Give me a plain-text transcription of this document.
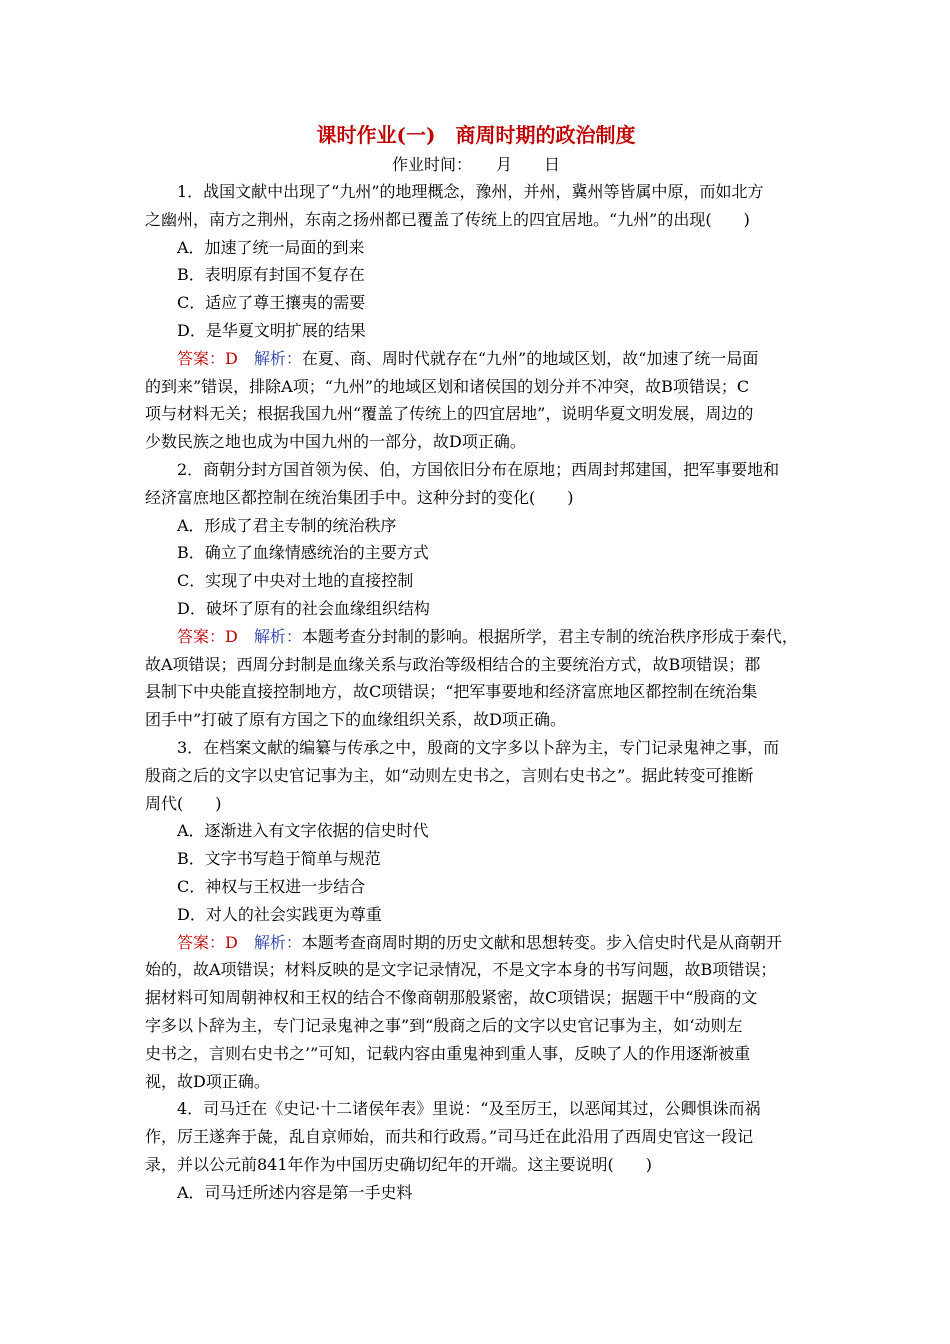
课时作业(一)　商周时期的政治制度
作业时间：　　月　　日
1．战国文献中出现了“九州”的地理概念，豫州，并州，冀州等皆属中原，而如北方
之幽州，南方之荆州，东南之扬州都已覆盖了传统上的四宜居地。“九州”的出现(　　)
A．加速了统一局面的到来
B．表明原有封国不复存在
C．适应了尊王攘夷的需要
D．是华夏文明扩展的结果
答案：D　解析：在夏、商、周时代就存在“九州”的地域区划，故“加速了统一局面
的到来”错误，排除A项；“九州”的地域区划和诸侯国的划分并不冲突，故B项错误；C
项与材料无关；根据我国九州“覆盖了传统上的四宜居地”，说明华夏文明发展，周边的
少数民族之地也成为中国九州的一部分，故D项正确。
2．商朝分封方国首领为侯、伯，方国依旧分布在原地；西周封邦建国，把军事要地和
经济富庶地区都控制在统治集团手中。这种分封的变化(　　)
A．形成了君主专制的统治秩序
B．确立了血缘情感统治的主要方式
C．实现了中央对土地的直接控制
D．破坏了原有的社会血缘组织结构
答案：D　解析：本题考查分封制的影响。根据所学，君主专制的统治秩序形成于秦代，
故A项错误；西周分封制是血缘关系与政治等级相结合的主要统治方式，故B项错误；郡
县制下中央能直接控制地方，故C项错误；“把军事要地和经济富庶地区都控制在统治集
团手中”打破了原有方国之下的血缘组织关系，故D项正确。
3．在档案文献的编纂与传承之中，殷商的文字多以卜辞为主，专门记录鬼神之事，而
殷商之后的文字以史官记事为主，如“动则左史书之，言则右史书之”。据此转变可推断
周代(　　)
A．逐渐进入有文字依据的信史时代
B．文字书写趋于简单与规范
C．神权与王权进一步结合
D．对人的社会实践更为尊重
答案：D　解析：本题考查商周时期的历史文献和思想转变。步入信史时代是从商朝开
始的，故A项错误；材料反映的是文字记录情况，不是文字本身的书写问题，故B项错误；
据材料可知周朝神权和王权的结合不像商朝那般紧密，故C项错误；据题干中“殷商的文
字多以卜辞为主，专门记录鬼神之事”到“殷商之后的文字以史官记事为主，如‘动则左
史书之，言则右史书之’”可知，记载内容由重鬼神到重人事，反映了人的作用逐渐被重
视，故D项正确。
4．司马迁在《史记·十二诸侯年表》里说：“及至厉王，以恶闻其过，公卿惧诛而祸
作，厉王遂奔于彘，乱自京师始，而共和行政焉。”司马迁在此沿用了西周史官这一段记
录，并以公元前841年作为中国历史确切纪年的开端。这主要说明(　　)
A．司马迁所述内容是第一手史料
